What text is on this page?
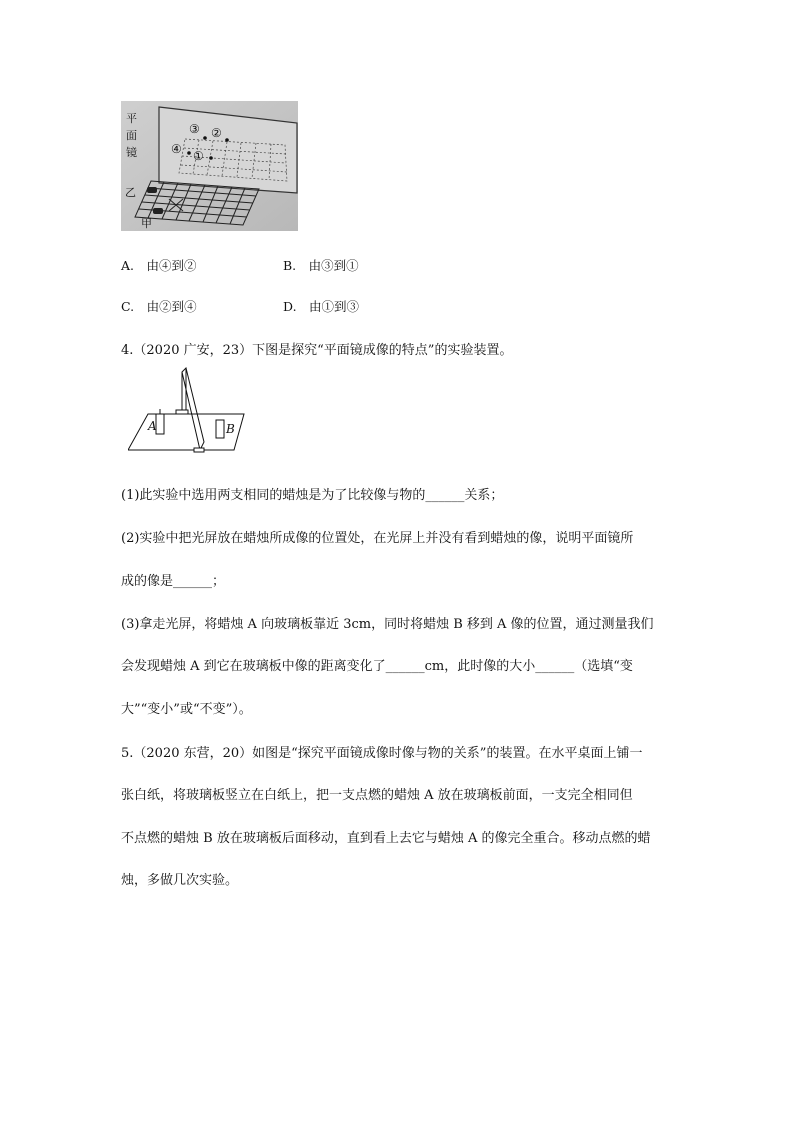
平
面
镜
③ ②
④ ①
乙
甲
A.　由④到②	B.　由③到①
C.　由②到④	D.　由①到③
4.（2020 广安，23）下图是探究“平面镜成像的特点”的实验装置。
A	B
(1)此实验中选用两支相同的蜡烛是为了比较像与物的______关系；
(2)实验中把光屏放在蜡烛所成像的位置处，在光屏上并没有看到蜡烛的像，说明平面镜所
成的像是______；
(3)拿走光屏，将蜡烛 A 向玻璃板靠近 3cm，同时将蜡烛 B 移到 A 像的位置，通过测量我们
会发现蜡烛 A 到它在玻璃板中像的距离变化了______cm，此时像的大小______（选填“变
大”“变小”或“不变”）。
5.（2020 东营，20）如图是“探究平面镜成像时像与物的关系”的装置。在水平桌面上铺一
张白纸，将玻璃板竖立在白纸上，把一支点燃的蜡烛 A 放在玻璃板前面，一支完全相同但
不点燃的蜡烛 B 放在玻璃板后面移动，直到看上去它与蜡烛 A 的像完全重合。移动点燃的蜡
烛，多做几次实验。
